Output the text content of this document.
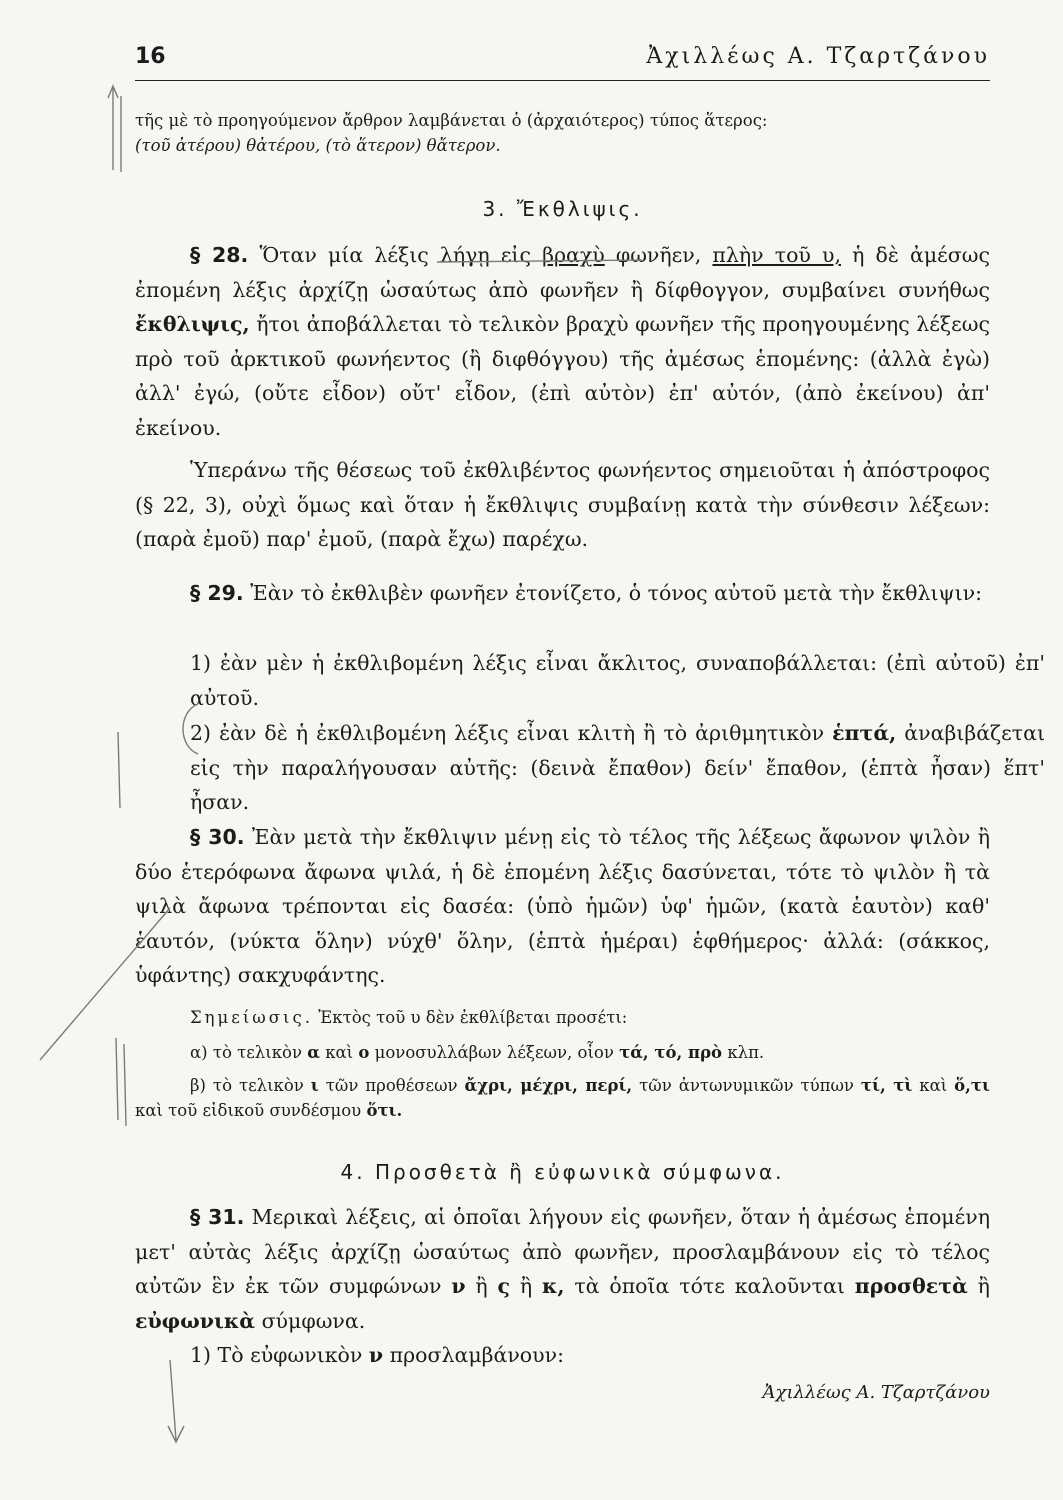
16	Ἀχιλλέως Α. Τζαρτζάνου

τῆς μὲ τὸ προηγούμενον ἄρθρον λαμβάνεται ὁ (ἀρχαιότερος) τύπος ἅτερος:
(τοῦ ἀτέρου) θἀτέρου, (τὸ ἅτερον) θἄτερον.

3. Ἔκθλιψις.

§ 28. Ὅταν μία λέξις λήγῃ εἰς βραχὺ φωνῆεν, πλὴν τοῦ υ, ἡ δὲ ἀμέσως ἑπομένη λέξις ἀρχίζῃ ὡσαύτως ἀπὸ φωνῆεν ἢ δίφθογγον, συμβαίνει συνήθως ἔκθλιψις, ἤτοι ἀποβάλλεται τὸ τελικὸν βραχὺ φωνῆεν τῆς προηγουμένης λέξεως πρὸ τοῦ ἀρκτικοῦ φωνήεντος (ἢ διφθόγγου) τῆς ἀμέσως ἑπομένης: (ἀλλὰ ἐγὼ) ἀλλ' ἐγώ, (οὔτε εἶδον) οὔτ' εἶδον, (ἐπὶ αὐτὸν) ἐπ' αὐτόν, (ἀπὸ ἐκείνου) ἀπ' ἐκείνου.

Ὑπεράνω τῆς θέσεως τοῦ ἐκθλιβέντος φωνήεντος σημειοῦται ἡ ἀπόστροφος (§ 22, 3), οὐχὶ ὅμως καὶ ὅταν ἡ ἔκθλιψις συμβαίνῃ κατὰ τὴν σύνθεσιν λέξεων: (παρὰ ἐμοῦ) παρ' ἐμοῦ, (παρὰ ἔχω) παρέχω.

§ 29. Ἐὰν τὸ ἐκθλιβὲν φωνῆεν ἐτονίζετο, ὁ τόνος αὐτοῦ μετὰ τὴν ἔκθλιψιν:

1) ἐὰν μὲν ἡ ἐκθλιβομένη λέξις εἶναι ἄκλιτος, συναποβάλλεται: (ἐπὶ αὐτοῦ) ἐπ' αὐτοῦ.

2) ἐὰν δὲ ἡ ἐκθλιβομένη λέξις εἶναι κλιτὴ ἢ τὸ ἀριθμητικὸν ἑπτά, ἀναβιβάζεται εἰς τὴν παραλήγουσαν αὐτῆς: (δεινὰ ἔπαθον) δείν' ἔπαθον, (ἑπτὰ ἦσαν) ἕπτ' ἦσαν.

§ 30. Ἐὰν μετὰ τὴν ἔκθλιψιν μένῃ εἰς τὸ τέλος τῆς λέξεως ἄφωνον ψιλὸν ἢ δύο ἑτερόφωνα ἄφωνα ψιλά, ἡ δὲ ἑπομένη λέξις δασύνεται, τότε τὸ ψιλὸν ἢ τὰ ψιλὰ ἄφωνα τρέπονται εἰς δασέα: (ὑπὸ ἡμῶν) ὑφ' ἡμῶν, (κατὰ ἑαυτὸν) καθ' ἑαυτόν, (νύκτα ὅλην) νύχθ' ὅλην, (ἑπτὰ ἡμέραι) ἑφθήμερος· ἀλλά: (σάκκος, ὑφάντης) σακχυφάντης.

Σημείωσις. Ἐκτὸς τοῦ υ δὲν ἐκθλίβεται προσέτι:

α) τὸ τελικὸν α καὶ ο μονοσυλλάβων λέξεων, οἷον τά, τό, πρὸ κλπ.

β) τὸ τελικὸν ι τῶν προθέσεων ἄχρι, μέχρι, περί, τῶν ἀντωνυμικῶν τύπων τί, τὶ καὶ ὅ,τι καὶ τοῦ εἰδικοῦ συνδέσμου ὅτι.

4. Προσθετὰ ἢ εὐφωνικὰ σύμφωνα.

§ 31. Μερικαὶ λέξεις, αἱ ὁποῖαι λήγουν εἰς φωνῆεν, ὅταν ἡ ἀμέσως ἑπομένη μετ' αὐτὰς λέξις ἀρχίζῃ ὡσαύτως ἀπὸ φωνῆεν, προσλαμβάνουν εἰς τὸ τέλος αὐτῶν ἓν ἐκ τῶν συμφώνων ν ἢ ς ἢ κ, τὰ ὁποῖα τότε καλοῦνται προσθετὰ ἢ εὐφωνικὰ σύμφωνα.

1) Τὸ εὐφωνικὸν ν προσλαμβάνουν:

Ἀχιλλέως Α. Τζαρτζάνου
